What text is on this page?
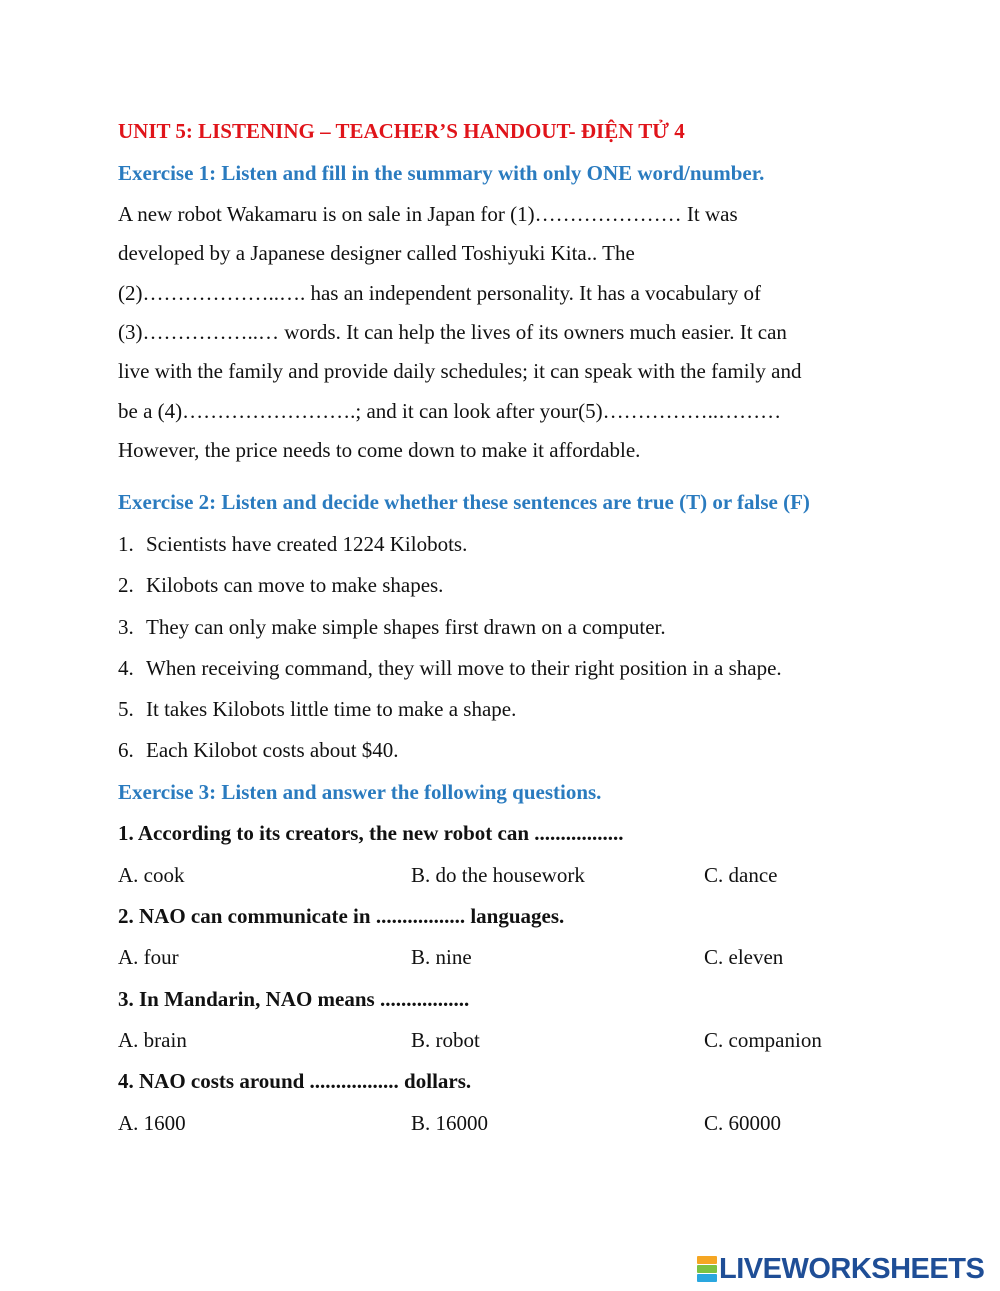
UNIT 5: LISTENING – TEACHER’S HANDOUT- ĐIỆN TỬ 4
Exercise 1: Listen and fill in the summary with only ONE word/number.
A new robot Wakamaru is on sale in Japan for (1)………………… It was
developed by a Japanese designer called Toshiyuki Kita.. The
(2)………………..…. has an independent personality. It has a vocabulary of
(3)……………..… words. It can help the lives of its owners much easier. It can
live with the family and provide daily schedules; it can speak with the family and
be a (4)…………………….; and it can look after your(5)……………..………
However, the price needs to come down to make it affordable.
Exercise 2: Listen and decide whether these sentences are true (T) or false (F)
1. Scientists have created 1224 Kilobots.
2. Kilobots can move to make shapes.
3. They can only make simple shapes first drawn on a computer.
4. When receiving command, they will move to their right position in a shape.
5. It takes Kilobots little time to make a shape.
6. Each Kilobot costs about $40.
Exercise 3: Listen and answer the following questions.
1. According to its creators, the new robot can .................
A. cook	B. do the housework	C. dance
2. NAO can communicate in ................. languages.
A. four	B. nine	C. eleven
3. In Mandarin, NAO means .................
A. brain	B. robot	C. companion
4. NAO costs around ................. dollars.
A. 1600	B. 16000	C. 60000
LIVEWORKSHEETS
